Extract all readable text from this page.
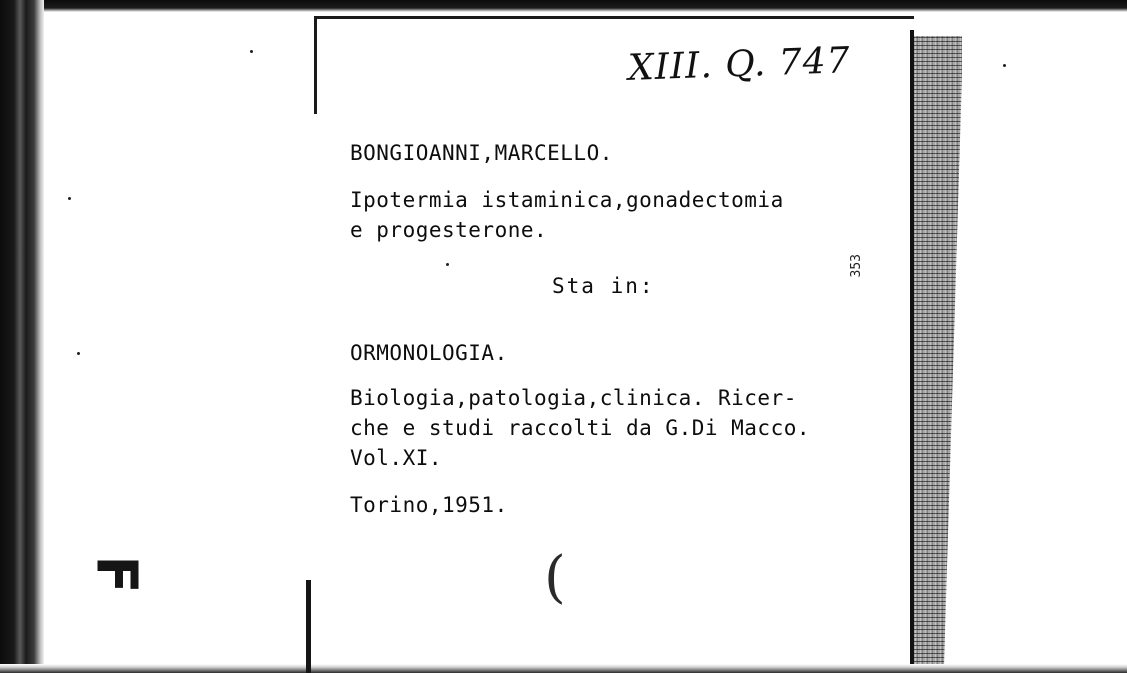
XIII. Q. 747
BONGIOANNI,MARCELLO.
Ipotermia istaminica,gonadectomia
e progesterone.
Sta in:
353
ORMONOLOGIA.
Biologia,patologia,clinica. Ricer-
che e studi raccolti da G.Di Macco.
Vol.XI.
Torino,1951.
F	(
